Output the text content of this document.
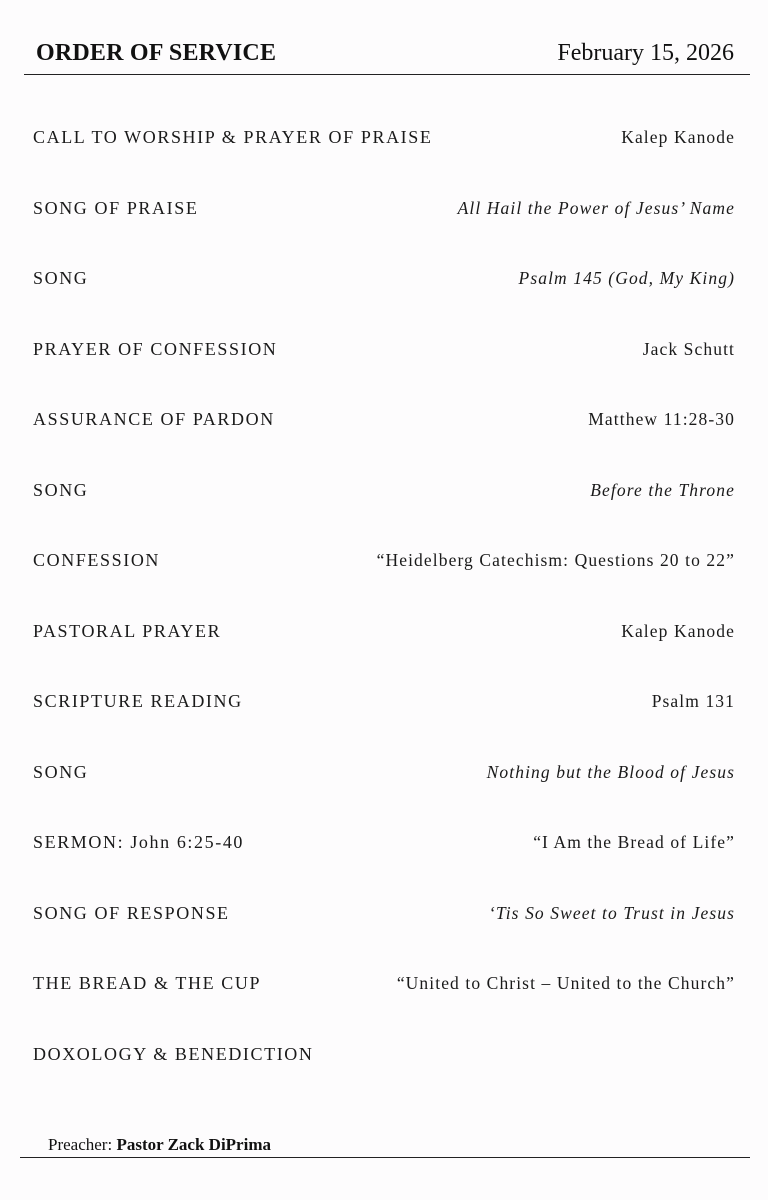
ORDER OF SERVICE	February 15, 2026
CALL TO WORSHIP & PRAYER OF PRAISE	Kalep Kanode
SONG OF PRAISE	All Hail the Power of Jesus’ Name
SONG	Psalm 145 (God, My King)
PRAYER OF CONFESSION	Jack Schutt
ASSURANCE OF PARDON	Matthew 11:28-30
SONG	Before the Throne
CONFESSION	“Heidelberg Catechism: Questions 20 to 22”
PASTORAL PRAYER	Kalep Kanode
SCRIPTURE READING	Psalm 131
SONG	Nothing but the Blood of Jesus
SERMON: John 6:25-40	“I Am the Bread of Life”
SONG OF RESPONSE	‘Tis So Sweet to Trust in Jesus
THE BREAD & THE CUP	“United to Christ – United to the Church”
DOXOLOGY & BENEDICTION
Preacher: Pastor Zack DiPrima
